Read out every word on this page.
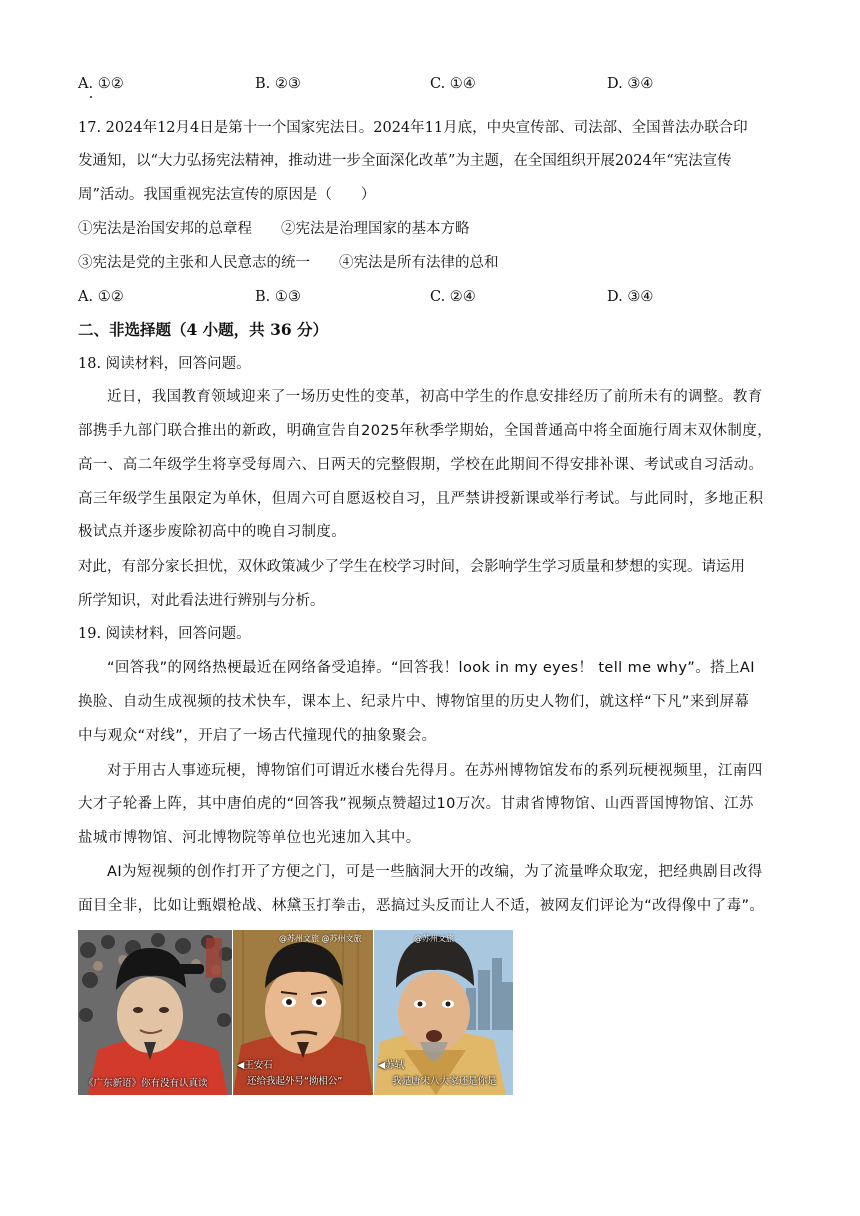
A. ①②	B. ②③	C. ①④	D. ③④
17. 2024年12月4日是第十一个国家宪法日。2024年11月底，中央宣传部、司法部、全国普法办联合印
发通知，以“大力弘扬宪法精神，推动进一步全面深化改革”为主题，在全国组织开展2024年“宪法宣传
周”活动。我国重视宪法宣传的原因是（　　）
①宪法是治国安邦的总章程　　②宪法是治理国家的基本方略
③宪法是党的主张和人民意志的统一　　④宪法是所有法律的总和
A. ①②	B. ①③	C. ②④	D. ③④
二、非选择题（4 小题，共 36 分）
18. 阅读材料，回答问题。
近日，我国教育领域迎来了一场历史性的变革，初高中学生的作息安排经历了前所未有的调整。教育
部携手九部门联合推出的新政，明确宣告自2025年秋季学期始，全国普通高中将全面施行周末双休制度，
高一、高二年级学生将享受每周六、日两天的完整假期，学校在此期间不得安排补课、考试或自习活动。
高三年级学生虽限定为单休，但周六可自愿返校自习，且严禁讲授新课或举行考试。与此同时，多地正积
极试点并逐步废除初高中的晚自习制度。
对此，有部分家长担忧，双休政策减少了学生在校学习时间，会影响学生学习质量和梦想的实现。请运用
所学知识，对此看法进行辨别与分析。
19. 阅读材料，回答问题。
“回答我”的网络热梗最近在网络备受追捧。“回答我！look in my eyes！ tell me why”。搭上AI
换脸、自动生成视频的技术快车，课本上、纪录片中、博物馆里的历史人物们，就这样“下凡”来到屏幕
中与观众“对线”，开启了一场古代撞现代的抽象聚会。
对于用古人事迹玩梗，博物馆们可谓近水楼台先得月。在苏州博物馆发布的系列玩梗视频里，江南四
大才子轮番上阵，其中唐伯虎的“回答我”视频点赞超过10万次。甘肃省博物馆、山西晋国博物馆、江苏
盐城市博物馆、河北博物院等单位也光速加入其中。
AI为短视频的创作打开了方便之门，可是一些脑洞大开的改编，为了流量哗众取宠，把经典剧目改得
面目全非，比如让甄嬛枪战、林黛玉打拳击，恶搞过头反而让人不适，被网友们评论为“改得像中了毒”。
《广东新语》你有没有认真读
@苏州文旅 @苏州文旅
◀王安石
还给我起外号“拗相公”
@苏州文旅
◀苏轼
我是唐宋八大家还是你是
